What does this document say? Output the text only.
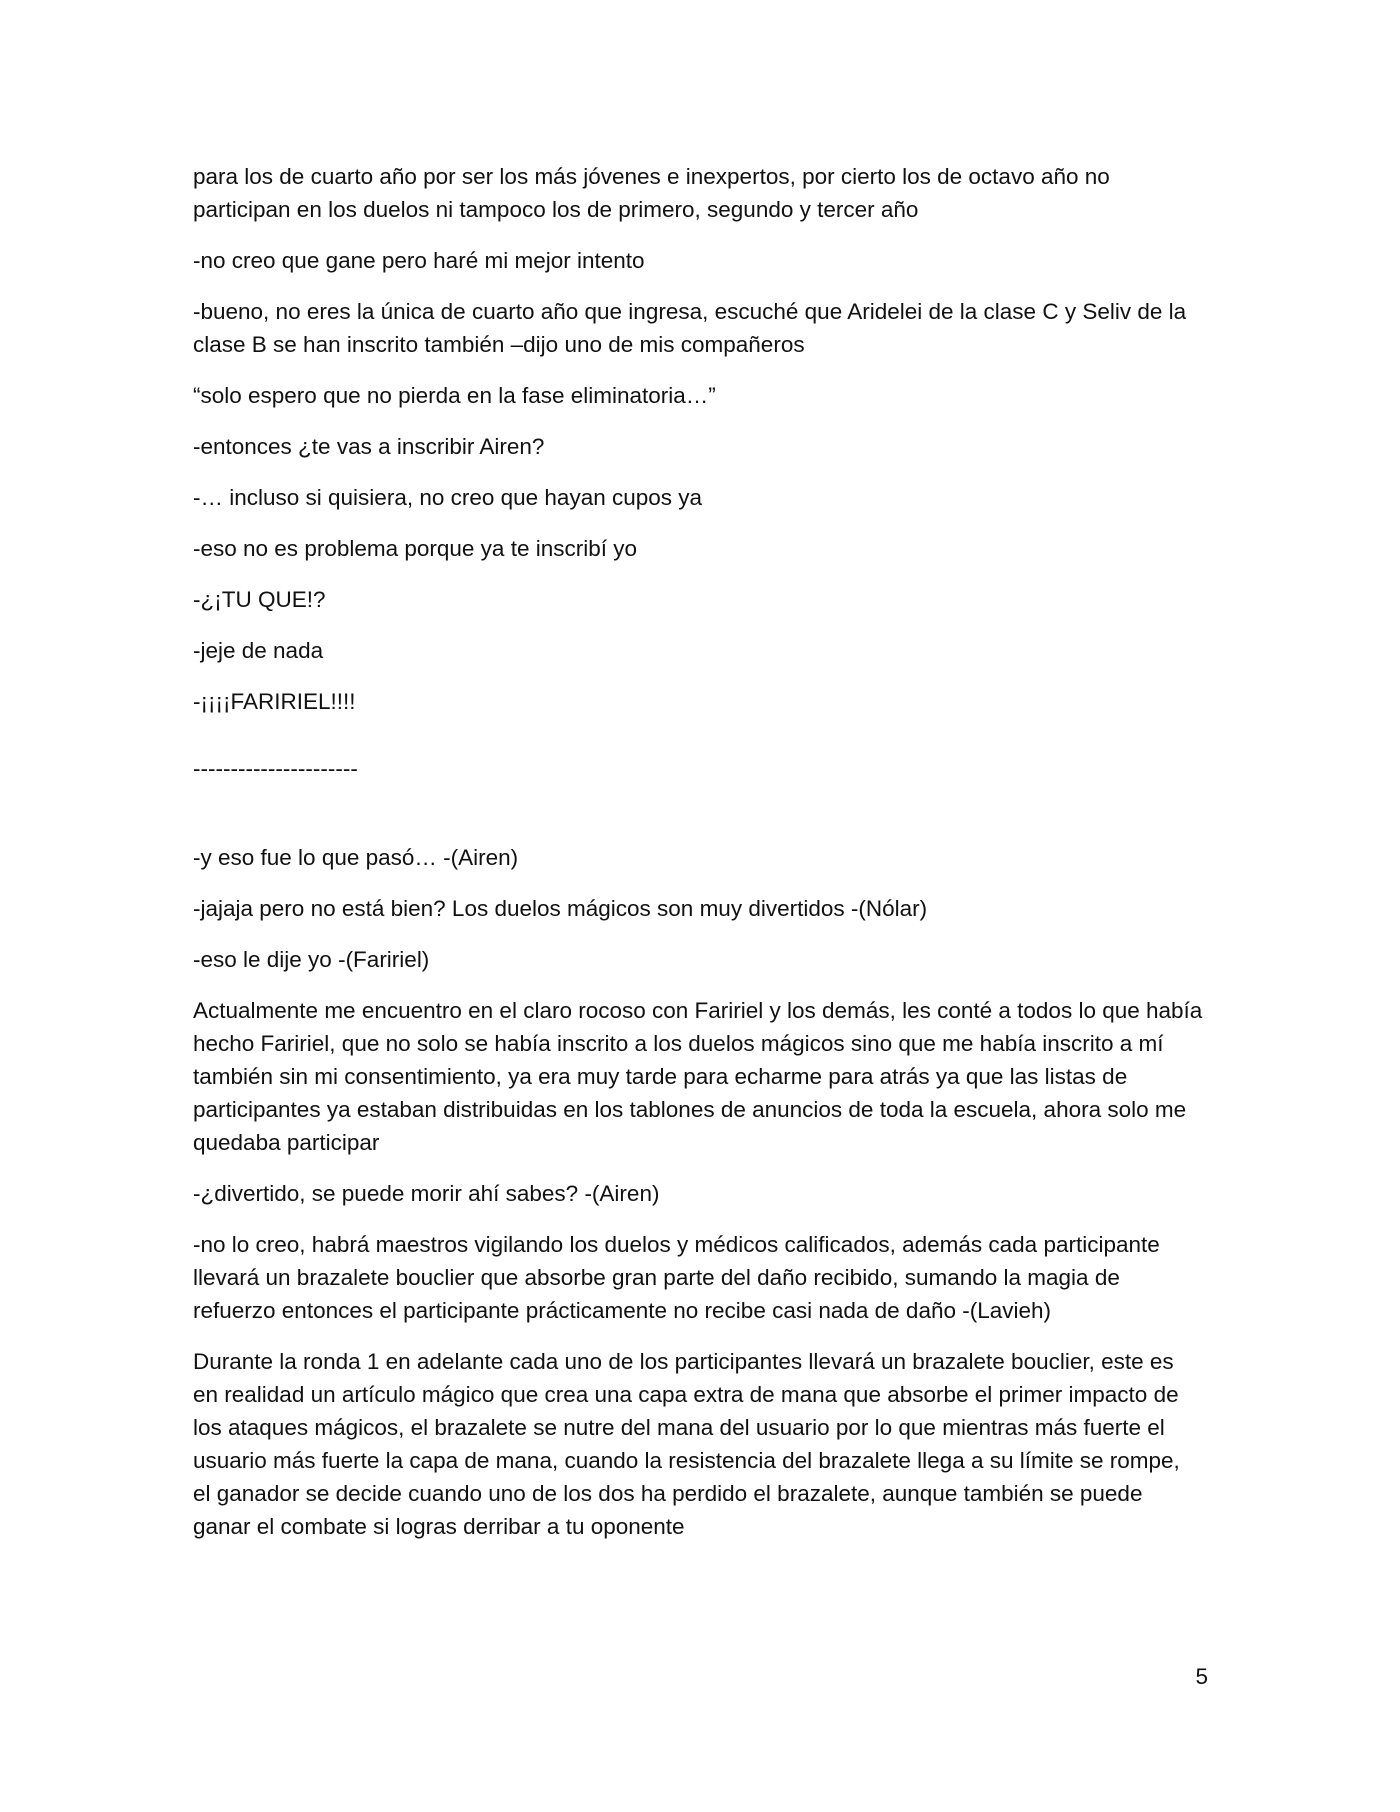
para los de cuarto año por ser los más jóvenes e inexpertos, por cierto los de octavo año no participan en los duelos ni tampoco los de primero, segundo y tercer año

-no creo que gane pero haré mi mejor intento

-bueno, no eres la única de cuarto año que ingresa, escuché que Aridelei de la clase C y Seliv de la clase B se han inscrito también –dijo uno de mis compañeros

“solo espero que no pierda en la fase eliminatoria…”

-entonces ¿te vas a inscribir Airen?

-… incluso si quisiera, no creo que hayan cupos ya

-eso no es problema porque ya te inscribí yo

-¿¡TU QUE!?

-jeje de nada

-¡¡¡¡FARIRIEL!!!!

----------------------

-y eso fue lo que pasó… -(Airen)

-jajaja pero no está bien? Los duelos mágicos son muy divertidos -(Nólar)

-eso le dije yo -(Faririel)

Actualmente me encuentro en el claro rocoso con Faririel y los demás, les conté a todos lo que había hecho Faririel, que no solo se había inscrito a los duelos mágicos sino que me había inscrito a mí también sin mi consentimiento, ya era muy tarde para echarme para atrás ya que las listas de participantes ya estaban distribuidas en los tablones de anuncios de toda la escuela, ahora solo me quedaba participar

-¿divertido, se puede morir ahí sabes? -(Airen)

-no lo creo, habrá maestros vigilando los duelos y médicos calificados, además cada participante llevará un brazalete bouclier que absorbe gran parte del daño recibido, sumando la magia de refuerzo entonces el participante prácticamente no recibe casi nada de daño -(Lavieh)

Durante la ronda 1 en adelante cada uno de los participantes llevará un brazalete bouclier, este es en realidad un artículo mágico que crea una capa extra de mana que absorbe el primer impacto de los ataques mágicos, el brazalete se nutre del mana del usuario por lo que mientras más fuerte el usuario más fuerte la capa de mana, cuando la resistencia del brazalete llega a su límite se rompe, el ganador se decide cuando uno de los dos ha perdido el brazalete, aunque también se puede ganar el combate si logras derribar a tu oponente

5
